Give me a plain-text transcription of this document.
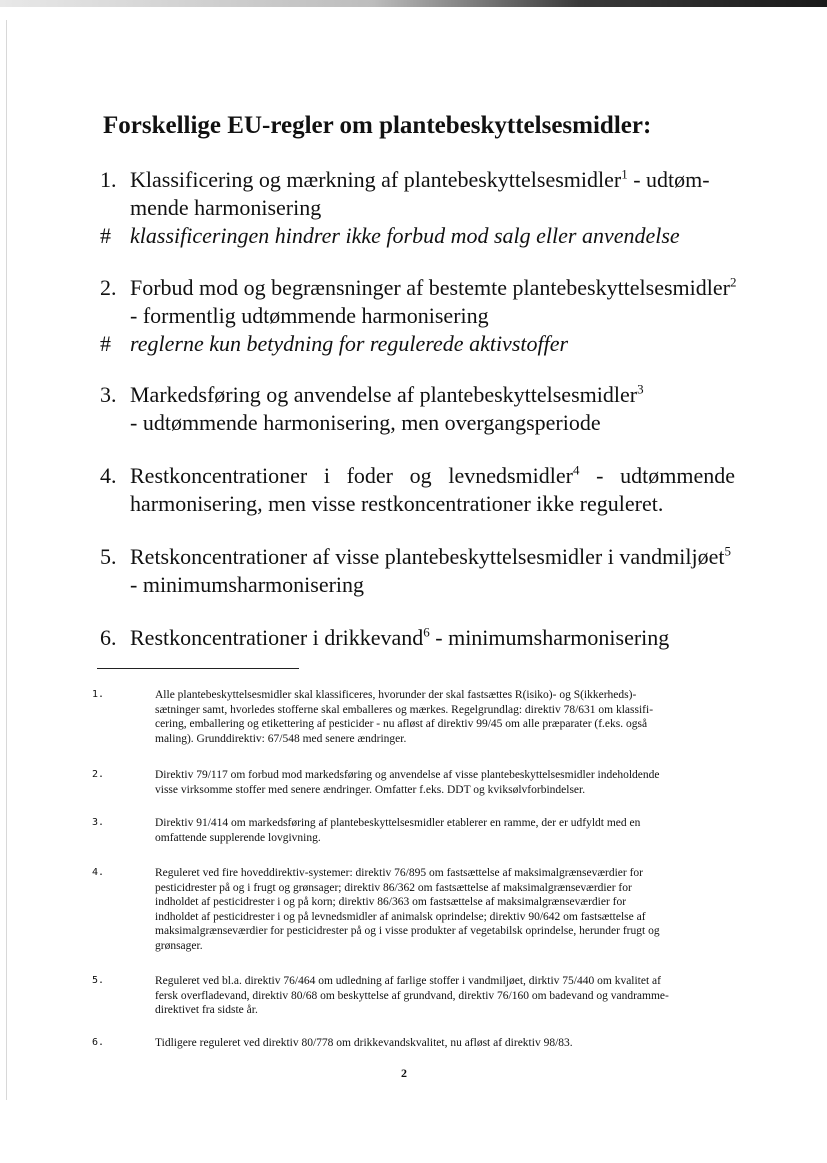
Forskellige EU-regler om plantebeskyttelsesmidler:
1. Klassificering og mærkning af plantebeskyttelsesmidler$^1$ - udtøm-
mende harmonisering
# klassificeringen hindrer ikke forbud mod salg eller anvendelse
2. Forbud mod og begrænsninger af bestemte plantebeskyttelsesmidler$^2$
- formentlig udtømmende harmonisering
# reglerne kun betydning for regulerede aktivstoffer
3. Markedsføring og anvendelse af plantebeskyttelsesmidler$^3$
- udtømmende harmonisering, men overgangsperiode
4. Restkoncentrationer i foder og levnedsmidler$^4$ - udtømmende
harmonisering, men visse restkoncentrationer ikke reguleret.
5. Retskoncentrationer af visse plantebeskyttelsesmidler i vandmiljøet$^5$
- minimumsharmonisering
6. Restkoncentrationer i drikkevand$^6$ - minimumsharmonisering
1.	Alle plantebeskyttelsesmidler skal klassificeres, hvorunder der skal fastsættes R(isiko)- og S(ikkerheds)-
sætninger samt, hvorledes stofferne skal emballeres og mærkes. Regelgrundlag: direktiv 78/631 om klassifi-
cering, emballering og etikettering af pesticider - nu afløst af direktiv 99/45 om alle præparater (f.eks. også
maling). Grunddirektiv: 67/548 med senere ændringer.
2.	Direktiv 79/117 om forbud mod markedsføring og anvendelse af visse plantebeskyttelsesmidler indeholdende
visse virksomme stoffer med senere ændringer. Omfatter f.eks. DDT og kviksølvforbindelser.
3.	Direktiv 91/414 om markedsføring af plantebeskyttelsesmidler etablerer en ramme, der er udfyldt med en
omfattende supplerende lovgivning.
4.	Reguleret ved fire hoveddirektiv-systemer: direktiv 76/895 om fastsættelse af maksimalgrænseværdier for
pesticidrester på og i frugt og grønsager; direktiv 86/362 om fastsættelse af maksimalgrænseværdier for
indholdet af pesticidrester i og på korn; direktiv 86/363 om fastsættelse af maksimalgrænseværdier for
indholdet af pesticidrester i og på levnedsmidler af animalsk oprindelse; direktiv 90/642 om fastsættelse af
maksimalgrænseværdier for pesticidrester på og i visse produkter af vegetabilsk oprindelse, herunder frugt og
grønsager.
5.	Reguleret ved bl.a. direktiv 76/464 om udledning af farlige stoffer i vandmiljøet, dirktiv 75/440 om kvalitet af
fersk overfladevand, direktiv 80/68 om beskyttelse af grundvand, direktiv 76/160 om badevand og vandramme-
direktivet fra sidste år.
6.	Tidligere reguleret ved direktiv 80/778 om drikkevandskvalitet, nu afløst af direktiv 98/83.
2
